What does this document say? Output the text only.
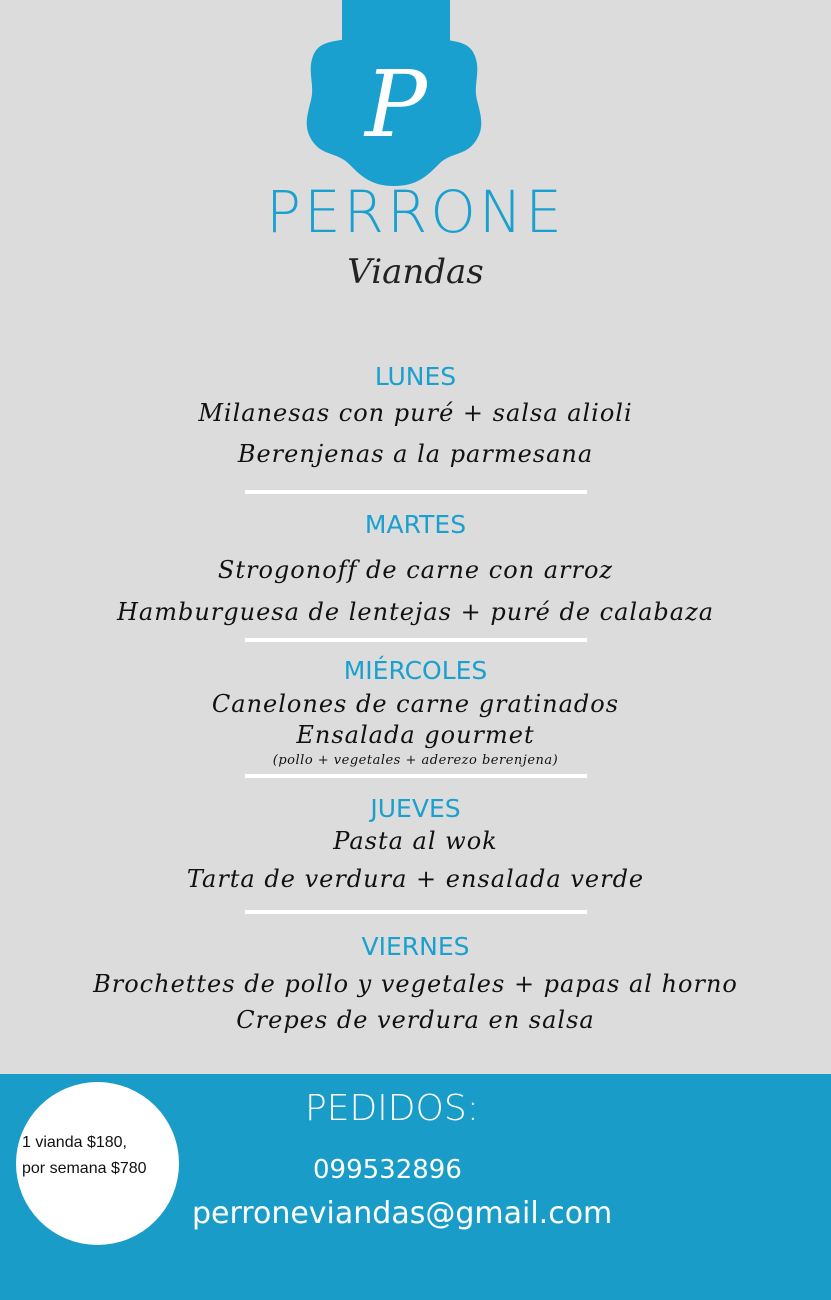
P
PERRONE
Viandas
LUNES
Milanesas con puré + salsa alioli
Berenjenas a la parmesana
MARTES
Strogonoff de carne con arroz
Hamburguesa de lentejas + puré de calabaza
MIÉRCOLES
Canelones de carne gratinados
Ensalada gourmet
(pollo + vegetales + aderezo berenjena)
JUEVES
Pasta al wok
Tarta de verdura + ensalada verde
VIERNES
Brochettes de pollo y vegetales + papas al horno
Crepes de verdura en salsa
1 vianda $180,
por semana $780
PEDIDOS:
099532896
perroneviandas@gmail.com
